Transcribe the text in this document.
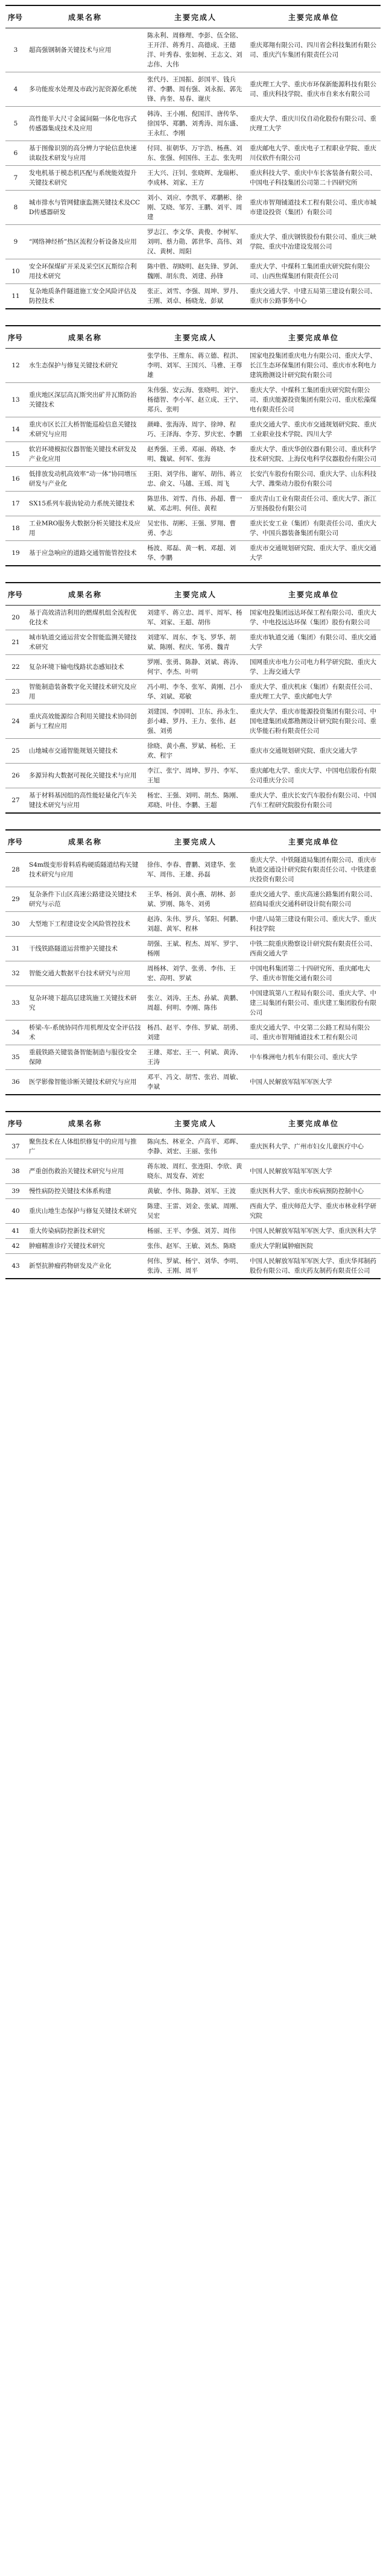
序号	成果名称	主要完成人	主要完成单位
3	超高强钢制备关键技术与应用	陈永利、周修理、李彭、伍全铭、王开洋、蒋秀月、高德成、王德洋、叶秀春、张如树、王志文、刘志伟、大伟	重庆郑翔有限公司、四川省会科技集团有限公司、重庆汽车集团有限责任公司
4	多功能废水处理及市政污泥资源化系统	张代丹、王国振、彭国平、钱兵祥、李鹏、周有强、刘永振、郭先锋、冉奎、易春、谢庆	重庆理工大学、重庆市环保新能源科技有限公司、重庆科技学院、重庆市自来水有限公司
5	高性能半大尺寸金属间隔一体化电容式传感器集成技术及应用	韩涛、王小刚、倪国洋、唐传华、徐国华、郑鹏、刘秀涛、周东盛、王永红、李刚	重庆大学、重庆川仪自动化股份有限公司、重庆理工大学
6	基于图像识别的高分辨力字轮信息快速读取技术研发与应用	付同、崔朝华、万宇浩、杨燕、刘东、张强、何国伟、王志、张先明	重庆邮电大学、重庆电子工程职业学院、重庆川仪软件有限公司
7	发电机基于模态机匹配与系统能效提升关键技术研究	王大兴、汪钊、张晓辉、龙瑞彬、李成林、刘家、王方	重庆科技大学、重庆中车长客装备有限公司、中国电子科技集团公司第二十四研究所
8	城市排水与管网健康监测关键技术及CCD传感器研发	刘小、刘应、李凯平、邓鹏彬、徐刚、艾晓、邹芳、王鹏、刘平、周建	重庆市智翔铺道技术工程有限公司、重庆市城市建设投资（集团）有限公司
9	“网络神经桥”热区流程分析设备及应用	罗志江、李文华、黄俊、李树军、刘明、蔡力勋、郭世华、高伟、刘汉、黄树、周阳	重庆大学、重庆钢铁股份有限公司、重庆三峡学院、重庆中冶建设发展公司
10	安全环保煤矿开采及采空区瓦斯综合利用技术研究	陈中胜、胡晓明、赵先锋、罗剑、魏刚、胡东贵、刘建、孙锋	重庆大学、中煤科工集团重庆研究院有限公司、山西焦煤集团有限责任公司
11	复杂地质条件隧道施工安全风险评估及防控技术	张正、刘雪、李强、周坤、罗丹、王刚、刘卓、杨晓龙、彭斌	重庆交通大学、中建五局第三建设有限公司、重庆市公路事务中心
序号	成果名称	主要完成人	主要完成单位
12	水生态保护与修复关键技术研究	张学伟、王维东、蒋立德、程洪、李明、刘军、王国兴、马雅、王尊雄	国家电投集团重庆电力有限公司、重庆大学、长江生态环保集团有限公司、重庆市水利电力建筑勘测设计研究院有限公司
13	重庆地区深层高瓦斯突出矿井瓦斯防治关键技术	朱伟强、安云海、张晓明、刘宁、杨德智、李小军、赵立成、王宁、郑兵、张明	重庆大学、中煤科工集团重庆研究院有限公司、重庆能源投资集团有限公司、重庆松藻煤电有限责任公司
14	重庆市区长江大桥智能巡检信息关键技术研究与应用	颜峰、张海涛、周宇、徐坤、程巧、王泽海、李芳、罗庆宏、李鹏	重庆交通大学、重庆市交通规划研究院、重庆工业职业技术学院、四川大学
15	软岩环境模拟仪器智能关键技术研发及产业化应用	赵秀强、王勇、邓丽、蒋晓、李明、魏斌、何军、张海	重庆大学、重庆华创仪器有限公司、重庆科学技术研究院、上海仪电科学仪器股份有限公司
16	低排放发动机高效率“动一体”协同增压研发与产业化	王阳、刘学伟、谢军、胡伟、蒋立忠、俞文、马越、王瑶、周飞	长安汽车股份有限公司、重庆大学、山东科技大学、潍柴动力股份有限公司
17	SX15系列车载齿轮动力系统关键技术	陈思伟、刘雪、肖伟、孙超、曹一斌、邓志明、何佳、黄程	重庆青山工业有限责任公司、重庆大学、浙江万里扬股份有限公司
18	工业MRO服务大数据分析关键技术及应用	吴宏伟、胡彬、王强、罗翔、曹勇、李志	重庆长安工业（集团）有限责任公司、重庆大学、中国兵器装备集团有限公司
19	基于应急响应的道路交通智能管控技术	杨波、郑磊、黄一帆、邓超、刘华、李鹏	重庆市交通规划研究院、重庆大学、重庆交通大学
序号	成果名称	主要完成人	主要完成单位
20	基于高效清洁利用的燃煤机组全流程优化技术	刘建平、蒋立忠、周平、周军、杨军、刘家、王超、胡伟	国家电投集团远达环保工程有限公司、重庆大学、中电投远达环保（集团）股份有限公司
21	城市轨道交通运营安全智能监测关键技术研究	刘建军、周东、李飞、罗华、胡斌、陈刚、程庆、邹勇、魏青	重庆市轨道交通（集团）有限公司、重庆交通大学
22	复杂环境下输电线路状态感知技术	罗刚、张勇、陈静、刘斌、蒋涛、何宇、李杰、叶明	国网重庆市电力公司电力科学研究院、重庆大学、上海交通大学
23	智能制造装备数字化关键技术研究及应用	冯小明、李冬、张军、黄刚、吕小华、刘斌、郑敏	重庆大学、重庆机床（集团）有限责任公司、重庆理工大学、重庆邮电大学
24	重庆高效能源综合利用关键技术协同创新与工程应用	刘建国、李国明、卫东、孙永生、彭小峰、罗丹、王力、张伟、赵强、刘勇	重庆大学、重庆市能源投资集团有限公司、中国电建集团成都勘测设计研究院有限公司、重庆华能石粉有限责任公司
25	山地城市交通智能规划关键技术	徐晓、黄小燕、罗斌、杨松、王欢、程宇	重庆市交通规划研究院、重庆交通大学
26	多源异构大数据可视化关键技术与应用	李江、张宁、周坤、罗丹、李军、王旭	重庆邮电大学、重庆大学、中国电信股份有限公司重庆分公司
27	基于材料基因组的高性能轻量化汽车关键技术研究与应用	杨宏、王强、刘明、胡杰、陈刚、邓晓、叶佳、李鹏、王超	重庆大学、重庆长安汽车股份有限公司、中国汽车工程研究院股份有限公司
序号	成果名称	主要完成人	主要完成单位
28	S4m级变形骨料盾构硬质隧道结构关键技术研究与应用	徐伟、李春、曹鹏、刘建华、张军、周伟、王雄、孙磊	重庆大学、中铁隧道局集团有限公司、重庆市轨道交通设计研究院有限责任公司、中铁建重庆投资有限公司
29	复杂条件下山区高速公路建设关键技术研究与示范	王华、杨剑、黄小燕、胡林、彭斌、罗刚、陈冬、刘勇	重庆交通大学、重庆高速公路集团有限公司、招商局重庆交通科研设计院有限公司
30	大型地下工程建设安全风险管控技术	赵涛、朱伟、罗兵、邹阳、何鹏、刘超、黄军、程林	中建八局第三建设有限公司、重庆大学、重庆科技学院
31	干线铁路隧道运营维护关键技术	胡强、王斌、程杰、周军、罗宇、杨刚	中铁二院重庆勘察设计研究院有限责任公司、西南交通大学
32	智能交通大数据平台技术研究与应用	周杨林、刘学、张勇、李伟、王宏、高明、罗斌	中国电科集团第二十四研究所、重庆邮电大学、重庆市智能交通有限公司
33	复杂环境下超高层建筑施工关键技术研究	张立、刘涛、王杰、孙斌、黄鹏、周超、何明、李刚、陈伟	中国建筑第八工程局有限公司、重庆大学、中建三局集团有限公司、重庆建工集团股份有限公司
34	桥梁-车-系统协同作用机理及安全评估技术	杨昌、赵平、李伟、罗斌、胡勇、刘建	重庆交通大学、中交第二公路工程局有限公司、重庆市智翔铺道技术工程有限公司
35	重载铁路关键装备智能制造与服役安全保障	王雄、郑宏、王一、何斌、黄涛、王涛	中车株洲电力机车有限公司、重庆大学
36	医学影像智能诊断关键技术研究与应用	邓平、冯文、胡雪、张岩、周敏、李斌	中国人民解放军陆军军医大学
序号	成果名称	主要完成人	主要完成单位
37	聚焦技术在人体组织修复中的应用与推广	陈向杰、林亚全、卢高平、邓晖、李静、刘宏、王丽、张伟	重庆医科大学、广州市妇女儿童医疗中心
38	严重创伤救治关键技术研究与应用	蒋东坡、周红、张连阳、李欣、黄晓东、周发春、刘宏	中国人民解放军陆军军医大学
39	慢性病防控关键技术体系构建	黄敏、李伟、陈静、刘军、王波	重庆医科大学、重庆市疾病预防控制中心
40	重庆山地生态保护与修复关键技术研究	陈建、王雷、刘金、张斌、周刚、吴宏	西南大学、重庆师范大学、重庆市林业科学研究院
41	重大传染病防控新技术研究	杨丽、王平、李强、刘芳、周伟	中国人民解放军陆军军医大学、重庆医科大学
42	肿瘤精准诊疗关键技术研究	张伟、赵军、王敏、刘杰、陈晓	重庆大学附属肿瘤医院
43	新型抗肿瘤药物研发及产业化	何伟、罗斌、杨宁、刘华、李明、张涛、王刚、周平	中国人民解放军陆军军医大学、重庆华邦制药股份有限公司、重庆药友制药有限责任公司
